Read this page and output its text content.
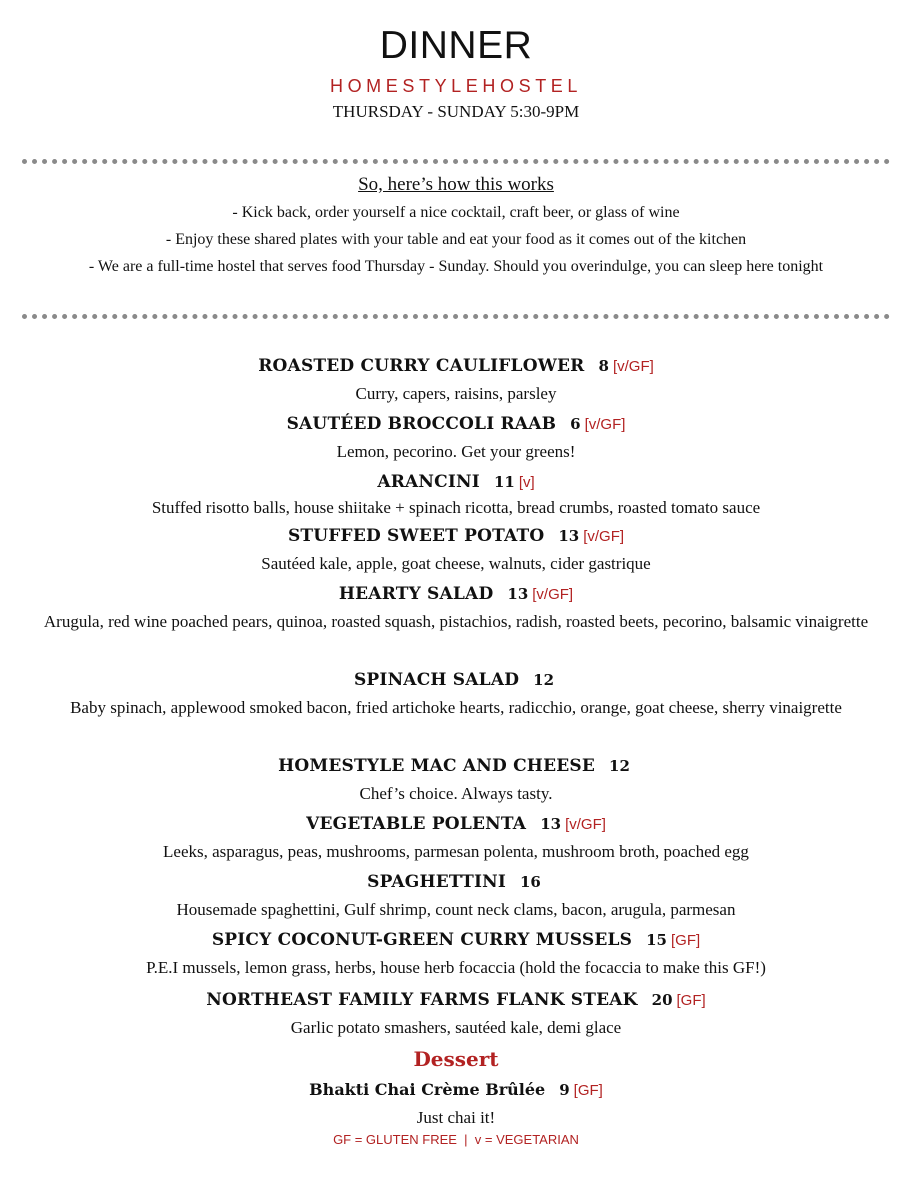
DINNER
HOMESTYLEHOSTEL
THURSDAY - SUNDAY 5:30-9PM
So, here’s how this works
- Kick back, order yourself a nice cocktail, craft beer, or glass of wine
- Enjoy these shared plates with your table and eat your food as it comes out of the kitchen
- We are a full-time hostel that serves food Thursday - Sunday. Should you overindulge, you can sleep here tonight
ROASTED CURRY CAULIFLOWER 8 [v/GF]
Curry, capers, raisins, parsley
SAUTÉED BROCCOLI RAAB 6 [v/GF]
Lemon, pecorino. Get your greens!
ARANCINI 11 [v]
Stuffed risotto balls, house shiitake + spinach ricotta, bread crumbs, roasted tomato sauce
STUFFED SWEET POTATO 13 [v/GF]
Sautéed kale, apple, goat cheese, walnuts, cider gastrique
HEARTY SALAD 13 [v/GF]
Arugula, red wine poached pears, quinoa, roasted squash, pistachios, radish, roasted beets, pecorino, balsamic vinaigrette
SPINACH SALAD 12
Baby spinach, applewood smoked bacon, fried artichoke hearts, radicchio, orange, goat cheese, sherry vinaigrette
HOMESTYLE MAC AND CHEESE 12
Chef’s choice. Always tasty.
VEGETABLE POLENTA 13 [v/GF]
Leeks, asparagus, peas, mushrooms, parmesan polenta, mushroom broth, poached egg
SPAGHETTINI 16
Housemade spaghettini, Gulf shrimp, count neck clams, bacon, arugula, parmesan
SPICY COCONUT-GREEN CURRY MUSSELS 15 [GF]
P.E.I mussels, lemon grass, herbs, house herb focaccia (hold the focaccia to make this GF!)
NORTHEAST FAMILY FARMS FLANK STEAK 20 [GF]
Garlic potato smashers, sautéed kale, demi glace
Dessert
Bhakti Chai Crème Brûlée 9 [GF]
Just chai it!
GF = GLUTEN FREE  |  v = VEGETARIAN
